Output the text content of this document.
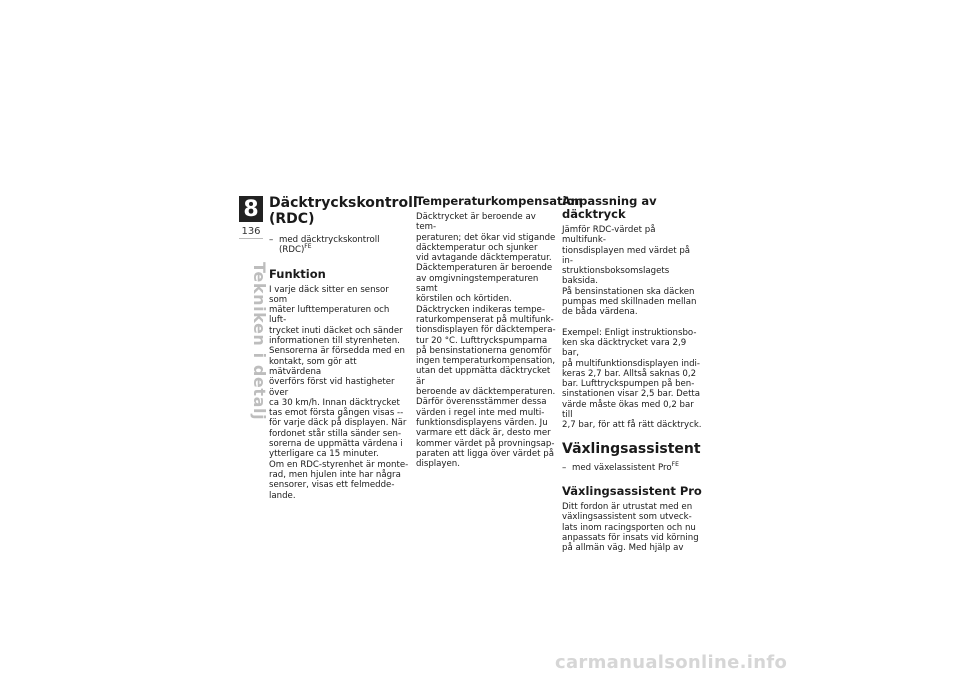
8
136
Tekniken i detalj
Däcktryckskontroll (RDC)
– med däcktryckskontroll
(RDC)$^{FE}$
Funktion

I varje däck sitter en sensor som
mäter lufttemperaturen och luft-
trycket inuti däcket och sänder
informationen till styrenheten.
Sensorerna är försedda med en
kontakt, som gör att mätvärdena
överförs först vid hastigheter över
ca 30 km/h. Innan däcktrycket
tas emot första gången visas --
för varje däck på displayen. När
fordonet står stilla sänder sen-
sorerna de uppmätta värdena i
ytterligare ca 15 minuter.
Om en RDC-styrenhet är monte-
rad, men hjulen inte har några
sensorer, visas ett felmedde-
lande.

Temperaturkompensation

Däcktrycket är beroende av tem-
peraturen; det ökar vid stigande
däcktemperatur och sjunker
vid avtagande däcktemperatur.
Däcktemperaturen är beroende
av omgivningstemperaturen samt
körstilen och körtiden.
Däcktrycken indikeras tempe-
raturkompenserat på multifunk-
tionsdisplayen för däcktempera-
tur 20 °C. Lufttryckspumparna
på bensinstationerna genomför
ingen temperaturkompensation,
utan det uppmätta däcktrycket är
beroende av däcktemperaturen.
Därför överensstämmer dessa
värden i regel inte med multi-
funktionsdisplayens värden. Ju
varmare ett däck är, desto mer
kommer värdet på provningsap-
paraten att ligga över värdet på
displayen.

Anpassning av däcktryck

Jämför RDC-värdet på multifunk-
tionsdisplayen med värdet på in-
struktionsboksomslagets baksida.
På bensinstationen ska däcken
pumpas med skillnaden mellan
de båda värdena.

Exempel: Enligt instruktionsbo-
ken ska däcktrycket vara 2,9 bar,
på multifunktionsdisplayen indi-
keras 2,7 bar. Alltså saknas 0,2
bar. Lufttryckspumpen på ben-
sinstationen visar 2,5 bar. Detta
värde måste ökas med 0,2 bar till
2,7 bar, för att få rätt däcktryck.

Växlingsassistent
– med växelassistent Pro$^{FE}$
Växlingsassistent Pro

Ditt fordon är utrustat med en
växlingsassistent som utveck-
lats inom racingsporten och nu
anpassats för insats vid körning
på allmän väg. Med hjälp av

carmanualsonline.info
